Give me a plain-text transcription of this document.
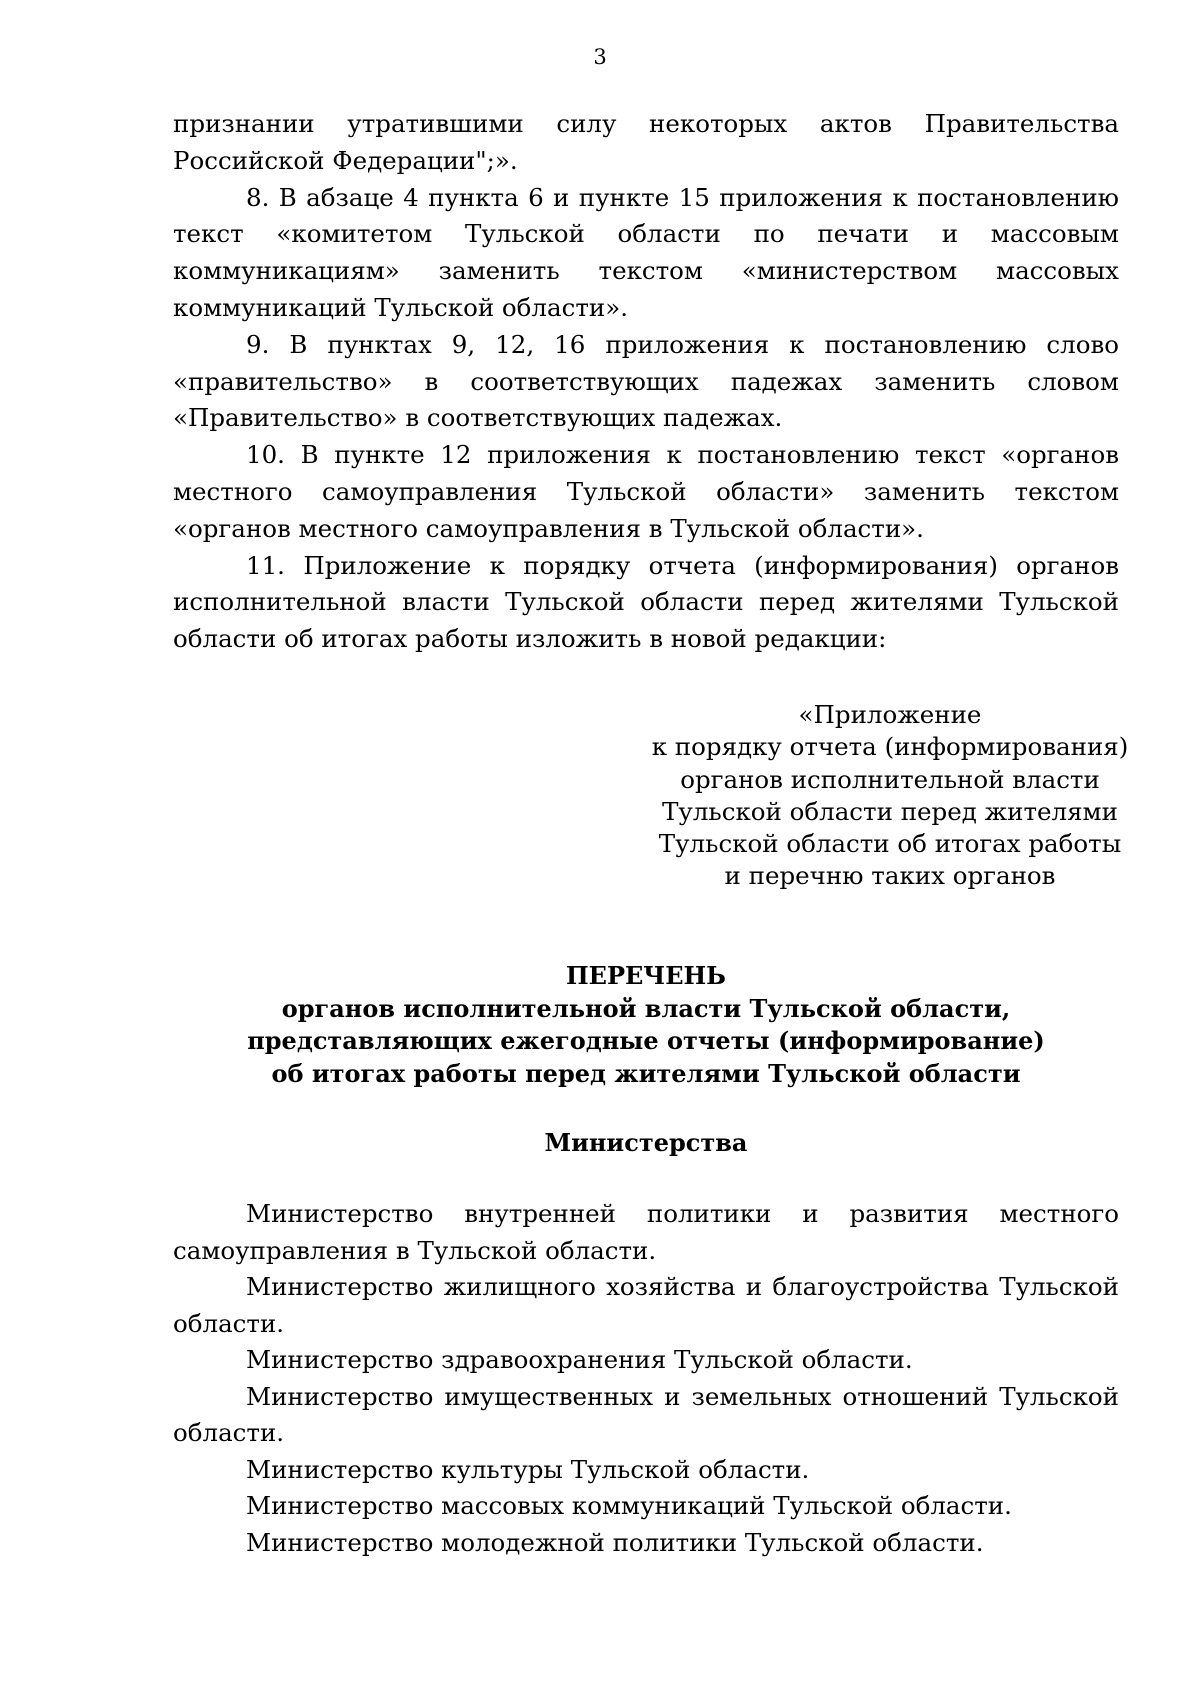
3

признании утратившими силу некоторых актов Правительства Российской Федерации";».

8. В абзаце 4 пункта 6 и пункте 15 приложения к постановлению текст «комитетом Тульской области по печати и массовым коммуникациям» заменить текстом «министерством массовых коммуникаций Тульской области».

9. В пунктах 9, 12, 16 приложения к постановлению слово «правительство» в соответствующих падежах заменить словом «Правительство» в соответствующих падежах.

10. В пункте 12 приложения к постановлению текст «органов местного самоуправления Тульской области» заменить текстом «органов местного самоуправления в Тульской области».

11. Приложение к порядку отчета (информирования) органов исполнительной власти Тульской области перед жителями Тульской области об итогах работы изложить в новой редакции:

«Приложение
к порядку отчета (информирования)
органов исполнительной власти
Тульской области перед жителями
Тульской области об итогах работы
и перечню таких органов
ПЕРЕЧЕНЬ
органов исполнительной власти Тульской области,
представляющих ежегодные отчеты (информирование)
об итогах работы перед жителями Тульской области
Министерства

Министерство внутренней политики и развития местного самоуправления в Тульской области.

Министерство жилищного хозяйства и благоустройства Тульской области.

Министерство здравоохранения Тульской области.

Министерство имущественных и земельных отношений Тульской области.

Министерство культуры Тульской области.

Министерство массовых коммуникаций Тульской области.

Министерство молодежной политики Тульской области.
